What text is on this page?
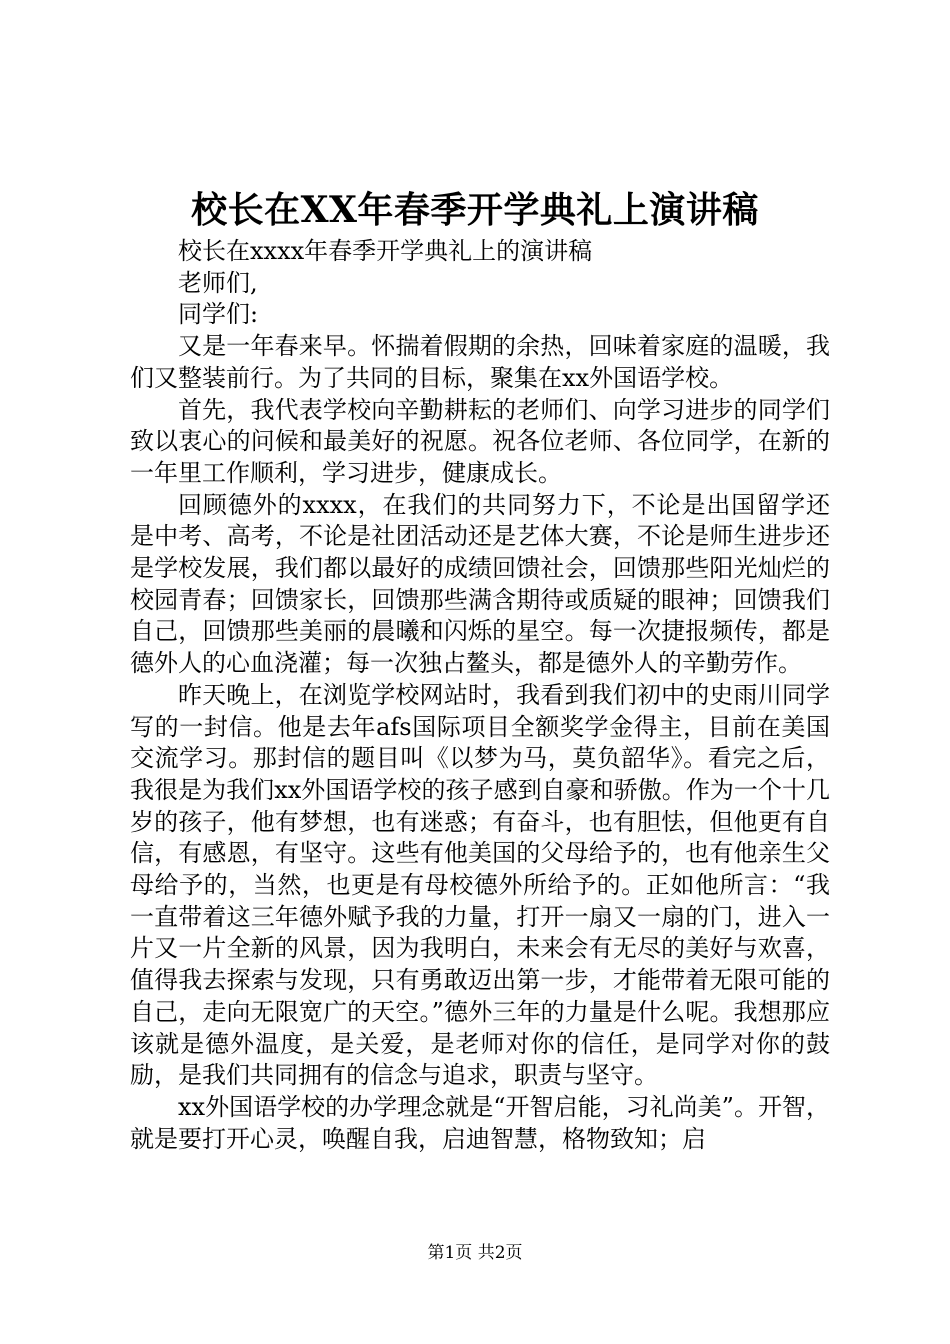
校长在XX年春季开学典礼上演讲稿

校长在xxxx年春季开学典礼上的演讲稿

老师们,

同学们:

又是一年春来早。怀揣着假期的余热，回味着家庭的温暖，我们又整装前行。为了共同的目标，聚集在xx外国语学校。

首先，我代表学校向辛勤耕耘的老师们、向学习进步的同学们致以衷心的问候和最美好的祝愿。祝各位老师、各位同学，在新的一年里工作顺利，学习进步，健康成长。

回顾德外的xxxx，在我们的共同努力下，不论是出国留学还是中考、高考，不论是社团活动还是艺体大赛，不论是师生进步还是学校发展，我们都以最好的成绩回馈社会，回馈那些阳光灿烂的校园青春；回馈家长，回馈那些满含期待或质疑的眼神；回馈我们自己，回馈那些美丽的晨曦和闪烁的星空。每一次捷报频传，都是德外人的心血浇灌；每一次独占鳌头，都是德外人的辛勤劳作。

昨天晚上，在浏览学校网站时，我看到我们初中的史雨川同学写的一封信。他是去年afs国际项目全额奖学金得主，目前在美国交流学习。那封信的题目叫《以梦为马，莫负韶华》。看完之后，我很是为我们xx外国语学校的孩子感到自豪和骄傲。作为一个十几岁的孩子，他有梦想，也有迷惑；有奋斗，也有胆怯，但他更有自信，有感恩，有坚守。这些有他美国的父母给予的，也有他亲生父母给予的，当然，也更是有母校德外所给予的。正如他所言：“我一直带着这三年德外赋予我的力量，打开一扇又一扇的门，进入一片又一片全新的风景，因为我明白，未来会有无尽的美好与欢喜，值得我去探索与发现，只有勇敢迈出第一步，才能带着无限可能的自己，走向无限宽广的天空。”德外三年的力量是什么呢。我想那应该就是德外温度，是关爱，是老师对你的信任，是同学对你的鼓励，是我们共同拥有的信念与追求，职责与坚守。

xx外国语学校的办学理念就是“开智启能，习礼尚美”。开智，就是要打开心灵，唤醒自我，启迪智慧，格物致知；启

第1页 共2页
